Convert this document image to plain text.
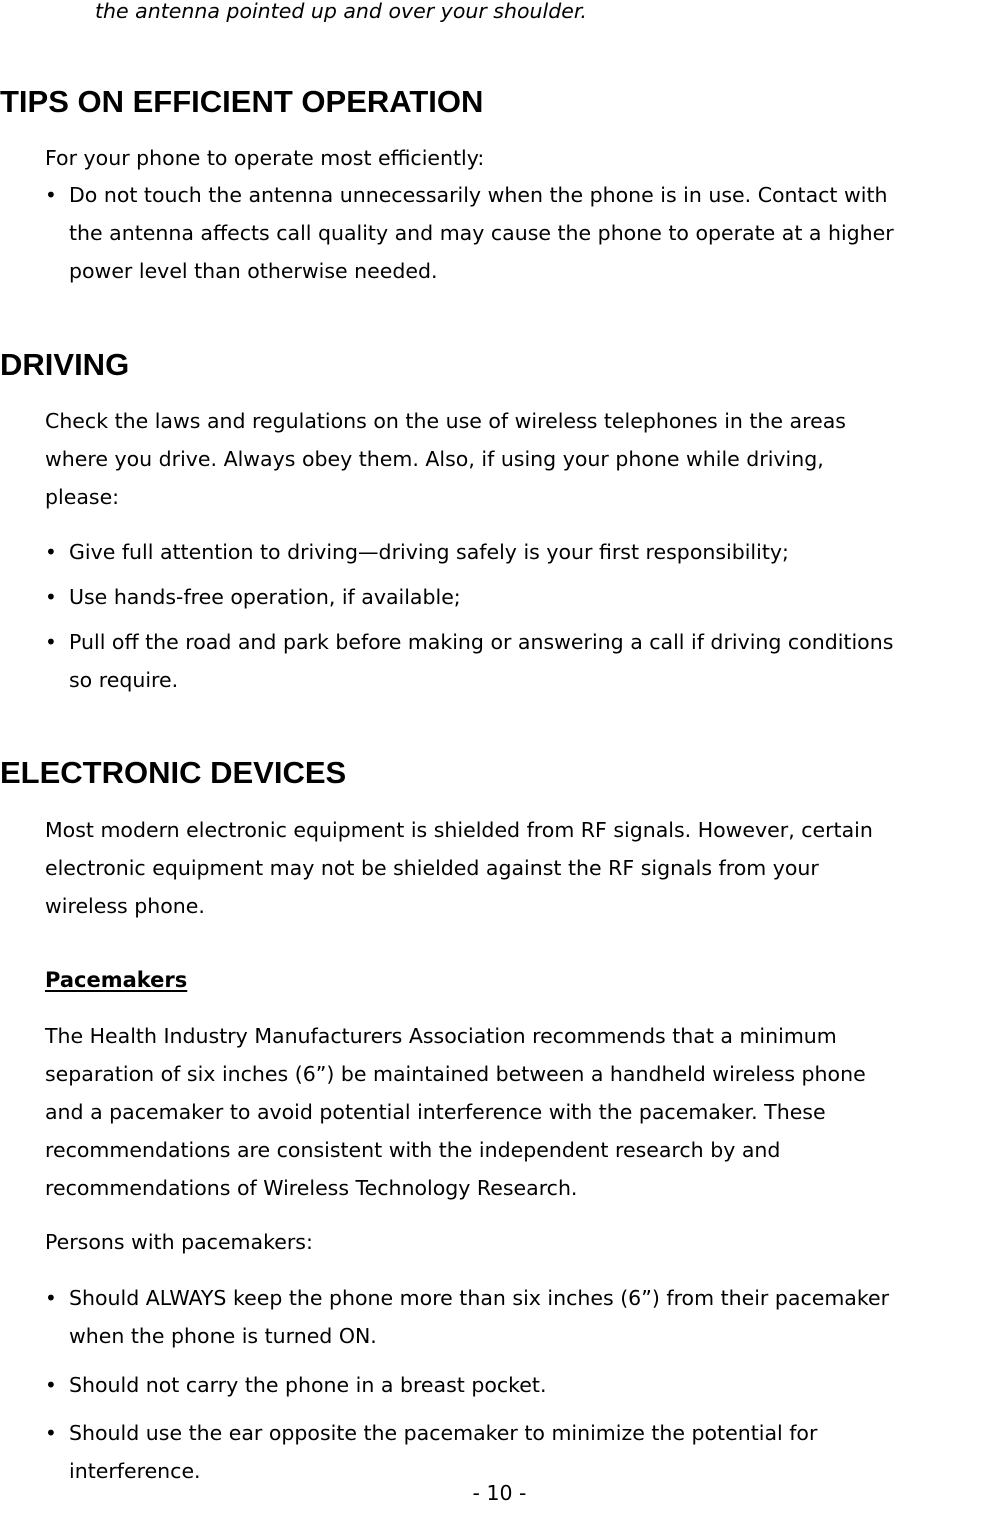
the antenna pointed up and over your shoulder.
TIPS ON EFFICIENT OPERATION
For your phone to operate most efficiently:
• Do not touch the antenna unnecessarily when the phone is in use. Contact with
the antenna affects call quality and may cause the phone to operate at a higher
power level than otherwise needed.
DRIVING
Check the laws and regulations on the use of wireless telephones in the areas
where you drive. Always obey them. Also, if using your phone while driving,
please:
• Give full attention to driving—driving safely is your first responsibility;
• Use hands-free operation, if available;
• Pull off the road and park before making or answering a call if driving conditions
so require.
ELECTRONIC DEVICES
Most modern electronic equipment is shielded from RF signals. However, certain
electronic equipment may not be shielded against the RF signals from your
wireless phone.
Pacemakers
The Health Industry Manufacturers Association recommends that a minimum
separation of six inches (6”) be maintained between a handheld wireless phone
and a pacemaker to avoid potential interference with the pacemaker. These
recommendations are consistent with the independent research by and
recommendations of Wireless Technology Research.
Persons with pacemakers:
• Should ALWAYS keep the phone more than six inches (6”) from their pacemaker
when the phone is turned ON.
• Should not carry the phone in a breast pocket.
• Should use the ear opposite the pacemaker to minimize the potential for
interference.
- 10 -
